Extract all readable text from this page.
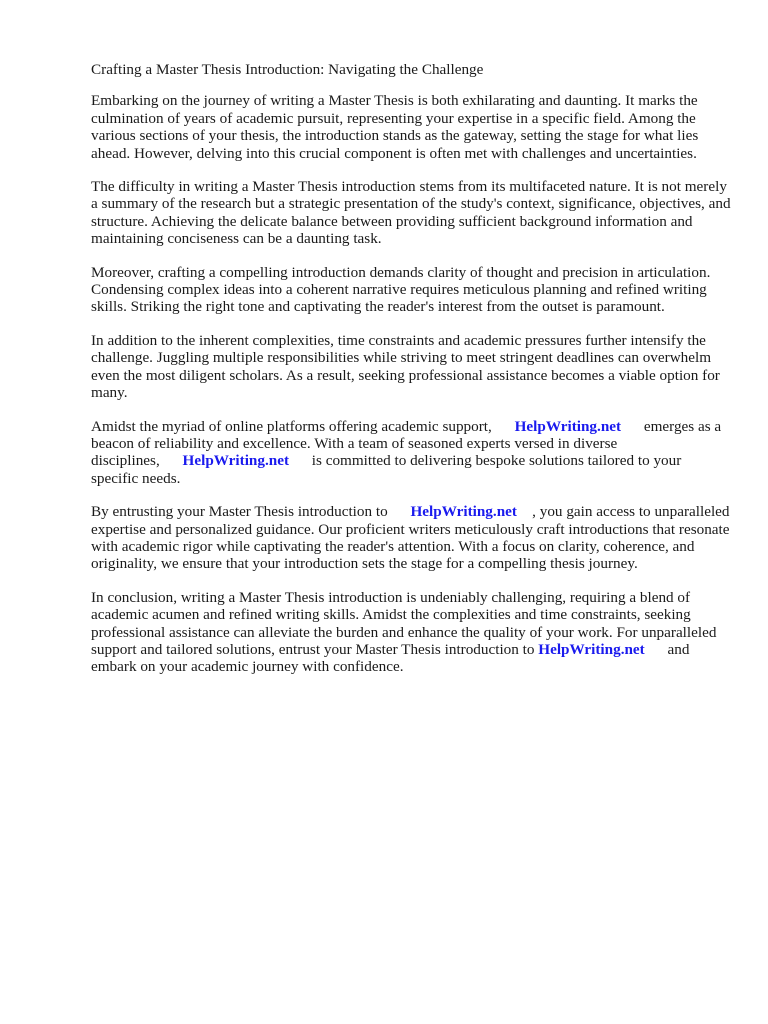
Crafting a Master Thesis Introduction: Navigating the Challenge

Embarking on the journey of writing a Master Thesis is both exhilarating and daunting. It marks the culmination of years of academic pursuit, representing your expertise in a specific field. Among the various sections of your thesis, the introduction stands as the gateway, setting the stage for what lies ahead. However, delving into this crucial component is often met with challenges and uncertainties.

The difficulty in writing a Master Thesis introduction stems from its multifaceted nature. It is not merely a summary of the research but a strategic presentation of the study's context, significance, objectives, and structure. Achieving the delicate balance between providing sufficient background information and maintaining conciseness can be a daunting task.

Moreover, crafting a compelling introduction demands clarity of thought and precision in articulation. Condensing complex ideas into a coherent narrative requires meticulous planning and refined writing skills. Striking the right tone and captivating the reader's interest from the outset is paramount.

In addition to the inherent complexities, time constraints and academic pressures further intensify the challenge. Juggling multiple responsibilities while striving to meet stringent deadlines can overwhelm even the most diligent scholars. As a result, seeking professional assistance becomes a viable option for many.

Amidst the myriad of online platforms offering academic support, HelpWriting.net emerges as a beacon of reliability and excellence. With a team of seasoned experts versed in diverse disciplines, HelpWriting.net is committed to delivering bespoke solutions tailored to your specific needs.

By entrusting your Master Thesis introduction to HelpWriting.net , you gain access to unparalleled expertise and personalized guidance. Our proficient writers meticulously craft introductions that resonate with academic rigor while captivating the reader's attention. With a focus on clarity, coherence, and originality, we ensure that your introduction sets the stage for a compelling thesis journey.

In conclusion, writing a Master Thesis introduction is undeniably challenging, requiring a blend of academic acumen and refined writing skills. Amidst the complexities and time constraints, seeking professional assistance can alleviate the burden and enhance the quality of your work. For unparalleled support and tailored solutions, entrust your Master Thesis introduction to HelpWriting.net and embark on your academic journey with confidence.
